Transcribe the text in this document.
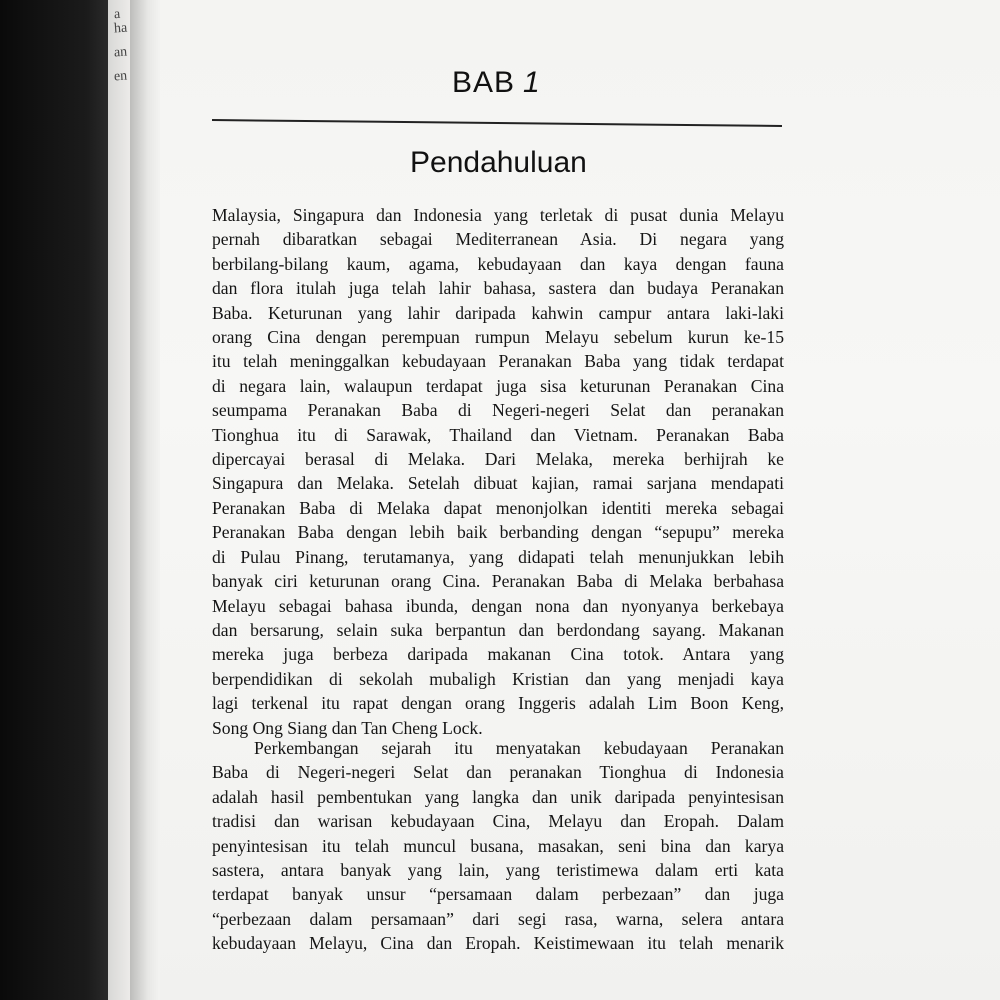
a
ha
an
en	BAB 1
Pendahuluan
Malaysia, Singapura dan Indonesia yang terletak di pusat dunia Melayu
pernah dibaratkan sebagai Mediterranean Asia. Di negara yang
berbilang-bilang kaum, agama, kebudayaan dan kaya dengan fauna
dan flora itulah juga telah lahir bahasa, sastera dan budaya Peranakan
Baba. Keturunan yang lahir daripada kahwin campur antara laki-laki
orang Cina dengan perempuan rumpun Melayu sebelum kurun ke-15
itu telah meninggalkan kebudayaan Peranakan Baba yang tidak terdapat
di negara lain, walaupun terdapat juga sisa keturunan Peranakan Cina
seumpama Peranakan Baba di Negeri-negeri Selat dan peranakan
Tionghua itu di Sarawak, Thailand dan Vietnam. Peranakan Baba
dipercayai berasal di Melaka. Dari Melaka, mereka berhijrah ke
Singapura dan Melaka. Setelah dibuat kajian, ramai sarjana mendapati
Peranakan Baba di Melaka dapat menonjolkan identiti mereka sebagai
Peranakan Baba dengan lebih baik berbanding dengan “sepupu” mereka
di Pulau Pinang, terutamanya, yang didapati telah menunjukkan lebih
banyak ciri keturunan orang Cina. Peranakan Baba di Melaka berbahasa
Melayu sebagai bahasa ibunda, dengan nona dan nyonyanya berkebaya
dan bersarung, selain suka berpantun dan berdondang sayang. Makanan
mereka juga berbeza daripada makanan Cina totok. Antara yang
berpendidikan di sekolah mubaligh Kristian dan yang menjadi kaya
lagi terkenal itu rapat dengan orang Inggeris adalah Lim Boon Keng,
Song Ong Siang dan Tan Cheng Lock.
Perkembangan sejarah itu menyatakan kebudayaan Peranakan
Baba di Negeri-negeri Selat dan peranakan Tionghua di Indonesia
adalah hasil pembentukan yang langka dan unik daripada penyintesisan
tradisi dan warisan kebudayaan Cina, Melayu dan Eropah. Dalam
penyintesisan itu telah muncul busana, masakan, seni bina dan karya
sastera, antara banyak yang lain, yang teristimewa dalam erti kata
terdapat banyak unsur “persamaan dalam perbezaan” dan juga
“perbezaan dalam persamaan” dari segi rasa, warna, selera antara
kebudayaan Melayu, Cina dan Eropah. Keistimewaan itu telah menarik
